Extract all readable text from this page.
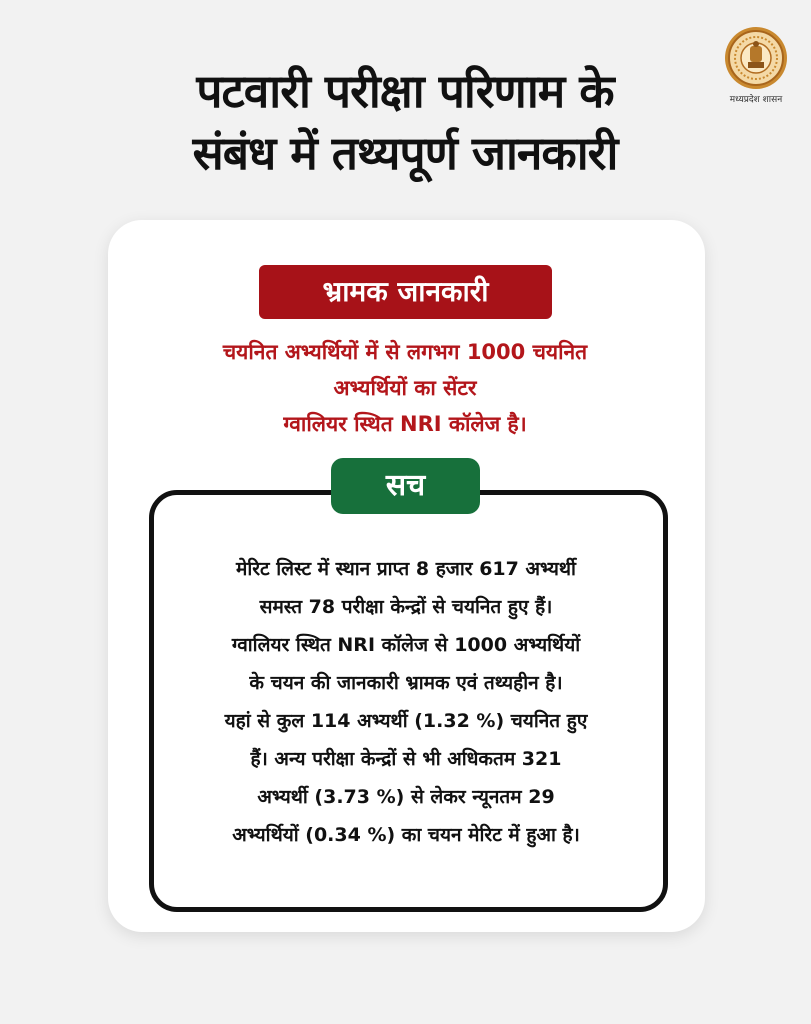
मध्यप्रदेश शासन
पटवारी परीक्षा परिणाम के
संबंध में तथ्यपूर्ण जानकारी
भ्रामक जानकारी
चयनित अभ्यर्थियों में से लगभग 1000 चयनित
अभ्यर्थियों का सेंटर
ग्वालियर स्थित NRI कॉलेज है।
सच
मेरिट लिस्ट में स्थान प्राप्त 8 हजार 617 अभ्यर्थी
समस्त 78 परीक्षा केन्द्रों से चयनित हुए हैं।
ग्वालियर स्थित NRI कॉलेज से 1000 अभ्यर्थियों
के चयन की जानकारी भ्रामक एवं तथ्यहीन है।
यहां से कुल 114 अभ्यर्थी (1.32 %) चयनित हुए
हैं। अन्य परीक्षा केन्द्रों से भी अधिकतम 321
अभ्यर्थी (3.73 %) से लेकर न्यूनतम 29
अभ्यर्थियों (0.34 %) का चयन मेरिट में हुआ है।
